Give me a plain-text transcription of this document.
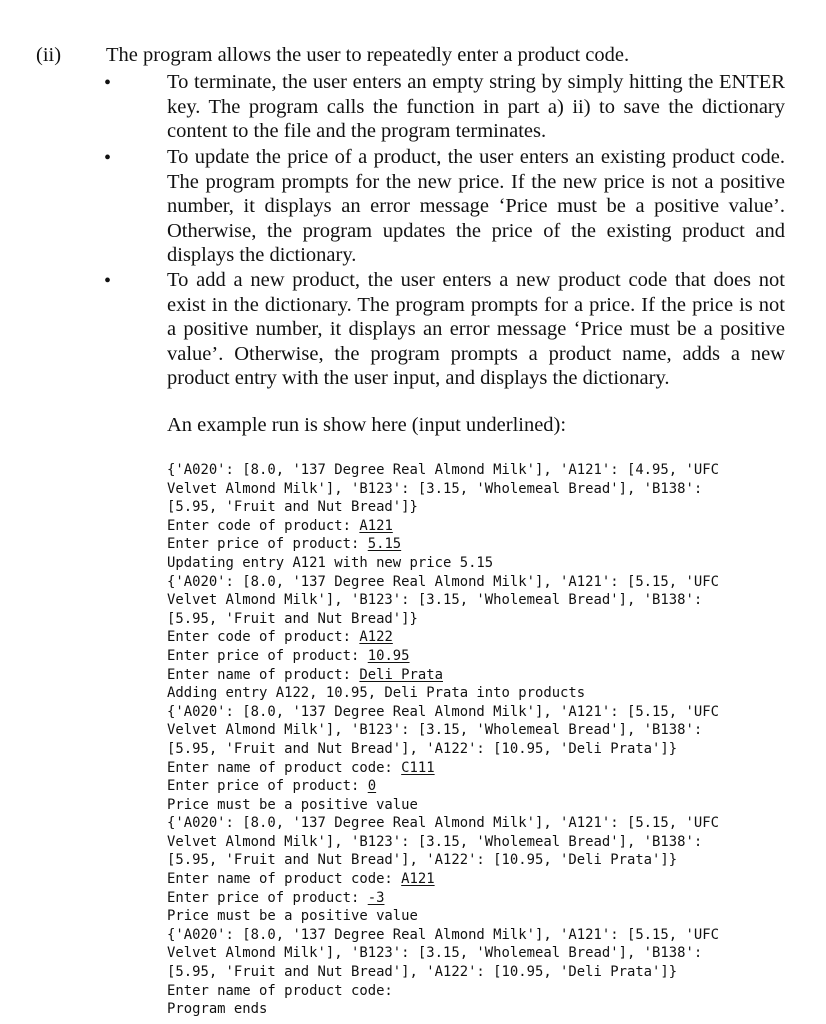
(ii) The program allows the user to repeatedly enter a product code.
•	To terminate, the user enters an empty string by simply hitting the ENTER key. The program calls the function in part a) ii) to save the dictionary content to the file and the program terminates.
•	To update the price of a product, the user enters an existing product code. The program prompts for the new price. If the new price is not a positive number, it displays an error message ‘Price must be a positive value’. Otherwise, the program updates the price of the existing product and displays the dictionary.
•	To add a new product, the user enters a new product code that does not exist in the dictionary. The program prompts for a price. If the price is not a positive number, it displays an error message ‘Price must be a positive value’. Otherwise, the program prompts a product name, adds a new product entry with the user input, and displays the dictionary.
An example run is show here (input underlined):
{'A020': [8.0, '137 Degree Real Almond Milk'], 'A121': [4.95, 'UFC
Velvet Almond Milk'], 'B123': [3.15, 'Wholemeal Bread'], 'B138':
[5.95, 'Fruit and Nut Bread']}
Enter code of product: A121
Enter price of product: 5.15
Updating entry A121 with new price 5.15
{'A020': [8.0, '137 Degree Real Almond Milk'], 'A121': [5.15, 'UFC
Velvet Almond Milk'], 'B123': [3.15, 'Wholemeal Bread'], 'B138':
[5.95, 'Fruit and Nut Bread']}
Enter code of product: A122
Enter price of product: 10.95
Enter name of product: Deli Prata
Adding entry A122, 10.95, Deli Prata into products
{'A020': [8.0, '137 Degree Real Almond Milk'], 'A121': [5.15, 'UFC
Velvet Almond Milk'], 'B123': [3.15, 'Wholemeal Bread'], 'B138':
[5.95, 'Fruit and Nut Bread'], 'A122': [10.95, 'Deli Prata']}
Enter name of product code: C111
Enter price of product: 0
Price must be a positive value
{'A020': [8.0, '137 Degree Real Almond Milk'], 'A121': [5.15, 'UFC
Velvet Almond Milk'], 'B123': [3.15, 'Wholemeal Bread'], 'B138':
[5.95, 'Fruit and Nut Bread'], 'A122': [10.95, 'Deli Prata']}
Enter name of product code: A121
Enter price of product: -3
Price must be a positive value
{'A020': [8.0, '137 Degree Real Almond Milk'], 'A121': [5.15, 'UFC
Velvet Almond Milk'], 'B123': [3.15, 'Wholemeal Bread'], 'B138':
[5.95, 'Fruit and Nut Bread'], 'A122': [10.95, 'Deli Prata']}
Enter name of product code:
Program ends
